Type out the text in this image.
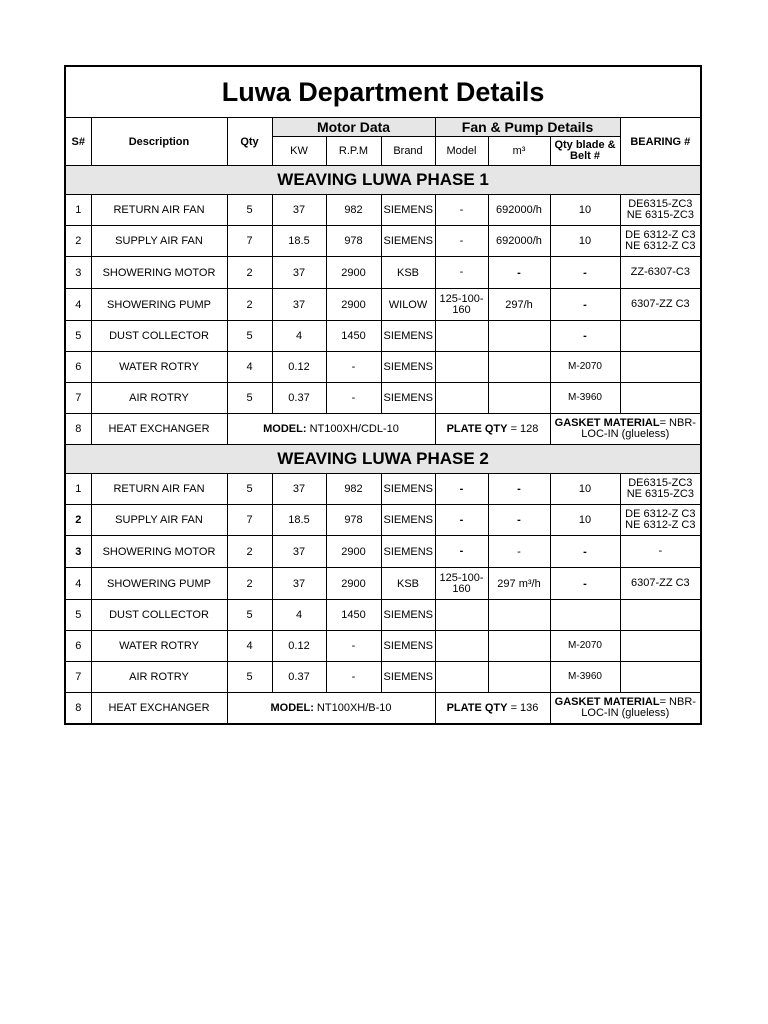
Luwa Department Details									
S#	Description	Qty	Motor Data			Fan & Pump Details			BEARING #
			KW	R.P.M	Brand	Model	m³	Qty blade & Belt #	
WEAVING LUWA PHASE 1									
1	RETURN AIR FAN	5	37	982	SIEMENS	-	692000/h	10	DE6315-ZC3 NE 6315-ZC3
2	SUPPLY AIR FAN	7	18.5	978	SIEMENS	-	692000/h	10	DE 6312-Z C3 NE 6312-Z C3
3	SHOWERING MOTOR	2	37	2900	KSB	-	-	-	ZZ-6307-C3
4	SHOWERING PUMP	2	37	2900	WILOW	125-100-160	297/h	-	6307-ZZ C3
5	DUST COLLECTOR	5	4	1450	SIEMENS			-	
6	WATER ROTRY	4	0.12	-	SIEMENS			M-2070	
7	AIR ROTRY	5	0.37	-	SIEMENS			M-3960	
8	HEAT EXCHANGER	MODEL: NT100XH/CDL-10				PLATE QTY = 128		GASKET MATERIAL= NBR-LOC-IN (glueless)	
WEAVING LUWA PHASE 2									
1	RETURN AIR FAN	5	37	982	SIEMENS	-	-	10	DE6315-ZC3 NE 6315-ZC3
2	SUPPLY AIR FAN	7	18.5	978	SIEMENS	-	-	10	DE 6312-Z C3 NE 6312-Z C3
3	SHOWERING MOTOR	2	37	2900	SIEMENS	-	-	-	-
4	SHOWERING PUMP	2	37	2900	KSB	125-100-160	297 m³/h	-	6307-ZZ C3
5	DUST COLLECTOR	5	4	1450	SIEMENS				
6	WATER ROTRY	4	0.12	-	SIEMENS			M-2070	
7	AIR ROTRY	5	0.37	-	SIEMENS			M-3960	
8	HEAT EXCHANGER	MODEL: NT100XH/B-10				PLATE QTY = 136		GASKET MATERIAL= NBR-LOC-IN (glueless)	
